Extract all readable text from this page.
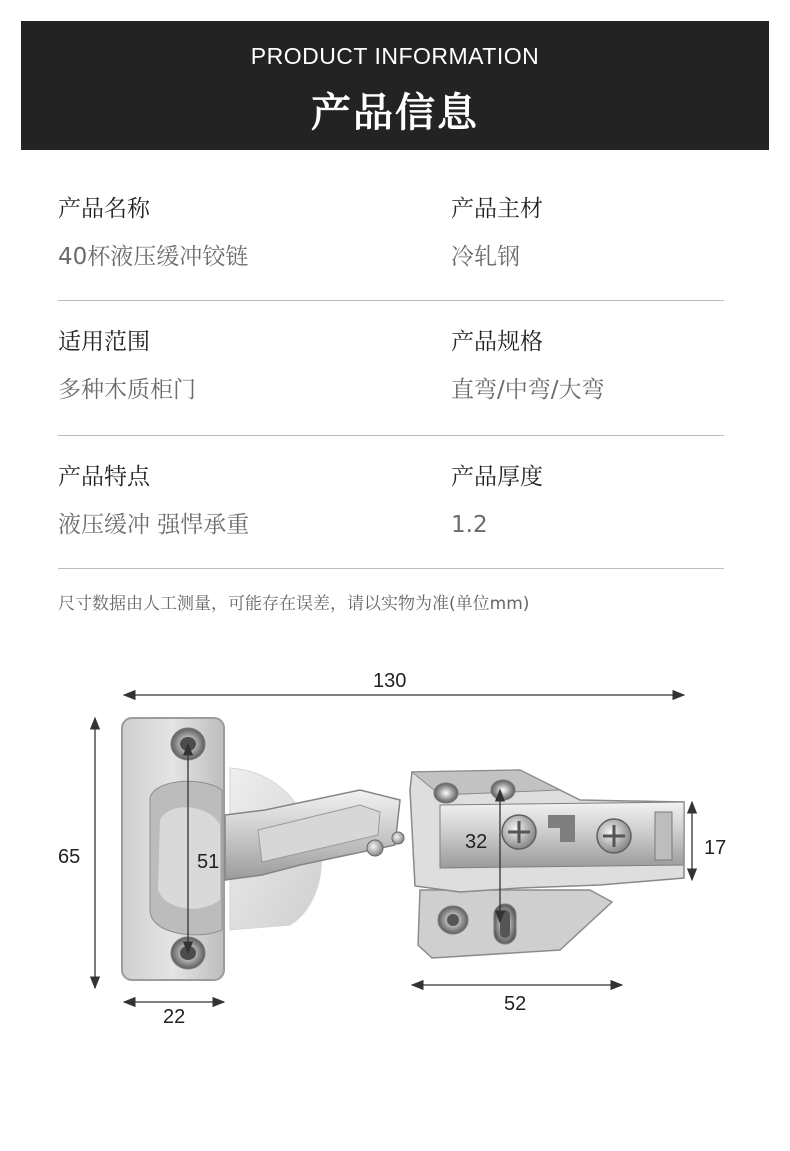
PRODUCT INFORMATION
产品信息
产品名称
40杯液压缓冲铰链
产品主材
冷轧钢
适用范围
多种木质柜门
产品规格
直弯/中弯/大弯
产品特点
液压缓冲 强悍承重
产品厚度
1.2
尺寸数据由人工测量，可能存在误差，请以实物为准(单位mm)
130
65	51
22
32	17
52
